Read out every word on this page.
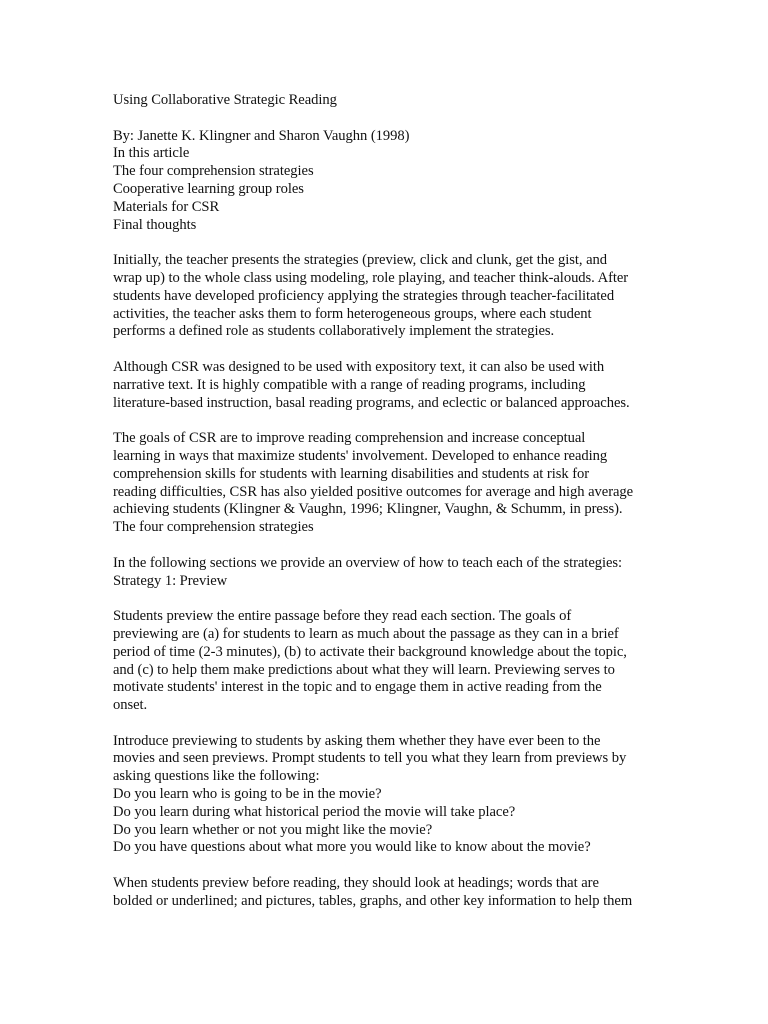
Using Collaborative Strategic Reading
By: Janette K. Klingner and Sharon Vaughn (1998)
In this article
The four comprehension strategies
Cooperative learning group roles
Materials for CSR
Final thoughts
Initially, the teacher presents the strategies (preview, click and clunk, get the gist, and
wrap up) to the whole class using modeling, role playing, and teacher think-alouds. After
students have developed proficiency applying the strategies through teacher-facilitated
activities, the teacher asks them to form heterogeneous groups, where each student
performs a defined role as students collaboratively implement the strategies.
Although CSR was designed to be used with expository text, it can also be used with
narrative text. It is highly compatible with a range of reading programs, including
literature-based instruction, basal reading programs, and eclectic or balanced approaches.
The goals of CSR are to improve reading comprehension and increase conceptual
learning in ways that maximize students' involvement. Developed to enhance reading
comprehension skills for students with learning disabilities and students at risk for
reading difficulties, CSR has also yielded positive outcomes for average and high average
achieving students (Klingner & Vaughn, 1996; Klingner, Vaughn, & Schumm, in press).
The four comprehension strategies
In the following sections we provide an overview of how to teach each of the strategies:
Strategy 1: Preview
Students preview the entire passage before they read each section. The goals of
previewing are (a) for students to learn as much about the passage as they can in a brief
period of time (2-3 minutes), (b) to activate their background knowledge about the topic,
and (c) to help them make predictions about what they will learn. Previewing serves to
motivate students' interest in the topic and to engage them in active reading from the
onset.
Introduce previewing to students by asking them whether they have ever been to the
movies and seen previews. Prompt students to tell you what they learn from previews by
asking questions like the following:
Do you learn who is going to be in the movie?
Do you learn during what historical period the movie will take place?
Do you learn whether or not you might like the movie?
Do you have questions about what more you would like to know about the movie?
When students preview before reading, they should look at headings; words that are
bolded or underlined; and pictures, tables, graphs, and other key information to help them
